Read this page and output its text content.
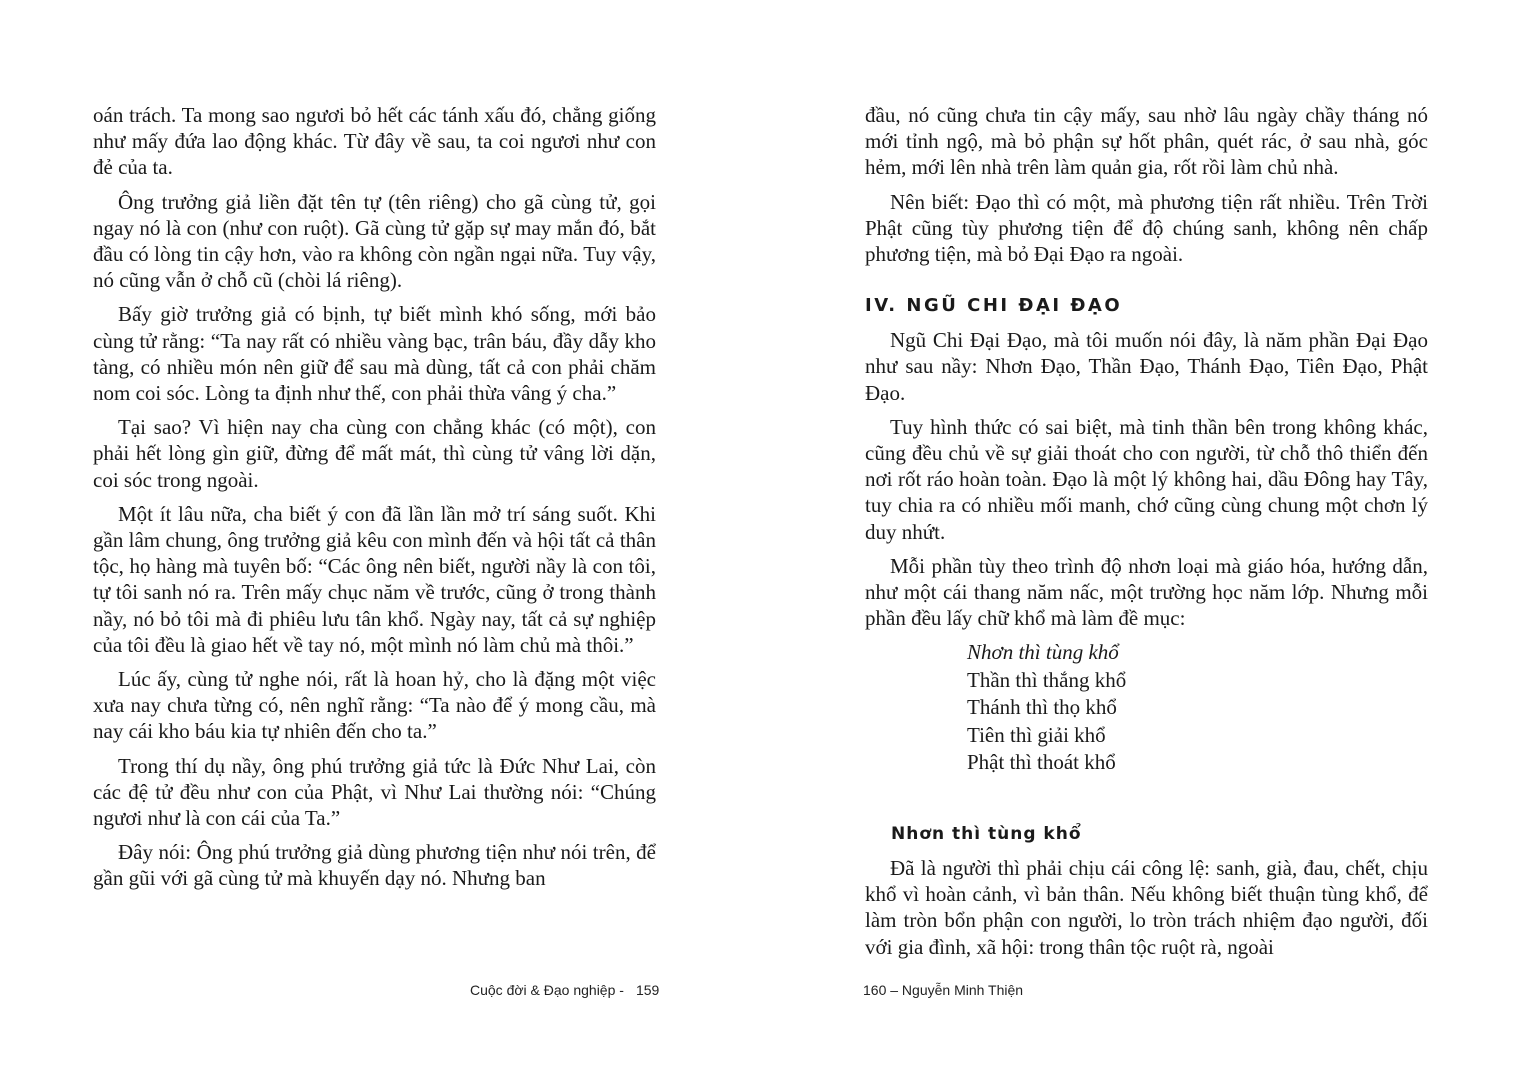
oán trách. Ta mong sao ngươi bỏ hết các tánh xấu đó, chẳng giống như mấy đứa lao động khác. Từ đây về sau, ta coi ngươi như con đẻ của ta.

Ông trưởng giả liền đặt tên tự (tên riêng) cho gã cùng tử, gọi ngay nó là con (như con ruột). Gã cùng tử gặp sự may mắn đó, bắt đầu có lòng tin cậy hơn, vào ra không còn ngần ngại nữa. Tuy vậy, nó cũng vẫn ở chỗ cũ (chòi lá riêng).

Bấy giờ trưởng giả có bịnh, tự biết mình khó sống, mới bảo cùng tử rằng: “Ta nay rất có nhiều vàng bạc, trân báu, đầy dẫy kho tàng, có nhiều món nên giữ để sau mà dùng, tất cả con phải chăm nom coi sóc. Lòng ta định như thế, con phải thừa vâng ý cha.”

Tại sao? Vì hiện nay cha cùng con chẳng khác (có một), con phải hết lòng gìn giữ, đừng để mất mát, thì cùng tử vâng lời dặn, coi sóc trong ngoài.

Một ít lâu nữa, cha biết ý con đã lần lần mở trí sáng suốt. Khi gần lâm chung, ông trưởng giả kêu con mình đến và hội tất cả thân tộc, họ hàng mà tuyên bố: “Các ông nên biết, người nầy là con tôi, tự tôi sanh nó ra. Trên mấy chục năm về trước, cũng ở trong thành nầy, nó bỏ tôi mà đi phiêu lưu tân khổ. Ngày nay, tất cả sự nghiệp của tôi đều là giao hết về tay nó, một mình nó làm chủ mà thôi.”

Lúc ấy, cùng tử nghe nói, rất là hoan hỷ, cho là đặng một việc xưa nay chưa từng có, nên nghĩ rằng: “Ta nào để ý mong cầu, mà nay cái kho báu kia tự nhiên đến cho ta.”

Trong thí dụ nầy, ông phú trưởng giả tức là Đức Như Lai, còn các đệ tử đều như con của Phật, vì Như Lai thường nói: “Chúng ngươi như là con cái của Ta.”

Đây nói: Ông phú trưởng giả dùng phương tiện như nói trên, để gần gũi với gã cùng tử mà khuyến dạy nó. Nhưng ban

Cuộc đời & Đạo nghiệp - 159

đầu, nó cũng chưa tin cậy mấy, sau nhờ lâu ngày chầy tháng nó mới tỉnh ngộ, mà bỏ phận sự hốt phân, quét rác, ở sau nhà, góc hẻm, mới lên nhà trên làm quản gia, rốt rồi làm chủ nhà.

Nên biết: Đạo thì có một, mà phương tiện rất nhiều. Trên Trời Phật cũng tùy phương tiện để độ chúng sanh, không nên chấp phương tiện, mà bỏ Đại Đạo ra ngoài.

IV. NGŨ CHI ĐẠI ĐẠO

Ngũ Chi Đại Đạo, mà tôi muốn nói đây, là năm phần Đại Đạo như sau nầy: Nhơn Đạo, Thần Đạo, Thánh Đạo, Tiên Đạo, Phật Đạo.

Tuy hình thức có sai biệt, mà tinh thần bên trong không khác, cũng đều chủ về sự giải thoát cho con người, từ chỗ thô thiển đến nơi rốt ráo hoàn toàn. Đạo là một lý không hai, dầu Đông hay Tây, tuy chia ra có nhiều mối manh, chớ cũng cùng chung một chơn lý duy nhứt.

Mỗi phần tùy theo trình độ nhơn loại mà giáo hóa, hướng dẫn, như một cái thang năm nấc, một trường học năm lớp. Nhưng mỗi phần đều lấy chữ khổ mà làm đề mục:

Nhơn thì tùng khổ
Thần thì thắng khổ
Thánh thì thọ khổ
Tiên thì giải khổ
Phật thì thoát khổ
Nhơn thì tùng khổ

Đã là người thì phải chịu cái công lệ: sanh, già, đau, chết, chịu khổ vì hoàn cảnh, vì bản thân. Nếu không biết thuận tùng khổ, để làm tròn bổn phận con người, lo tròn trách nhiệm đạo người, đối với gia đình, xã hội: trong thân tộc ruột rà, ngoài

160 – Nguyễn Minh Thiện
